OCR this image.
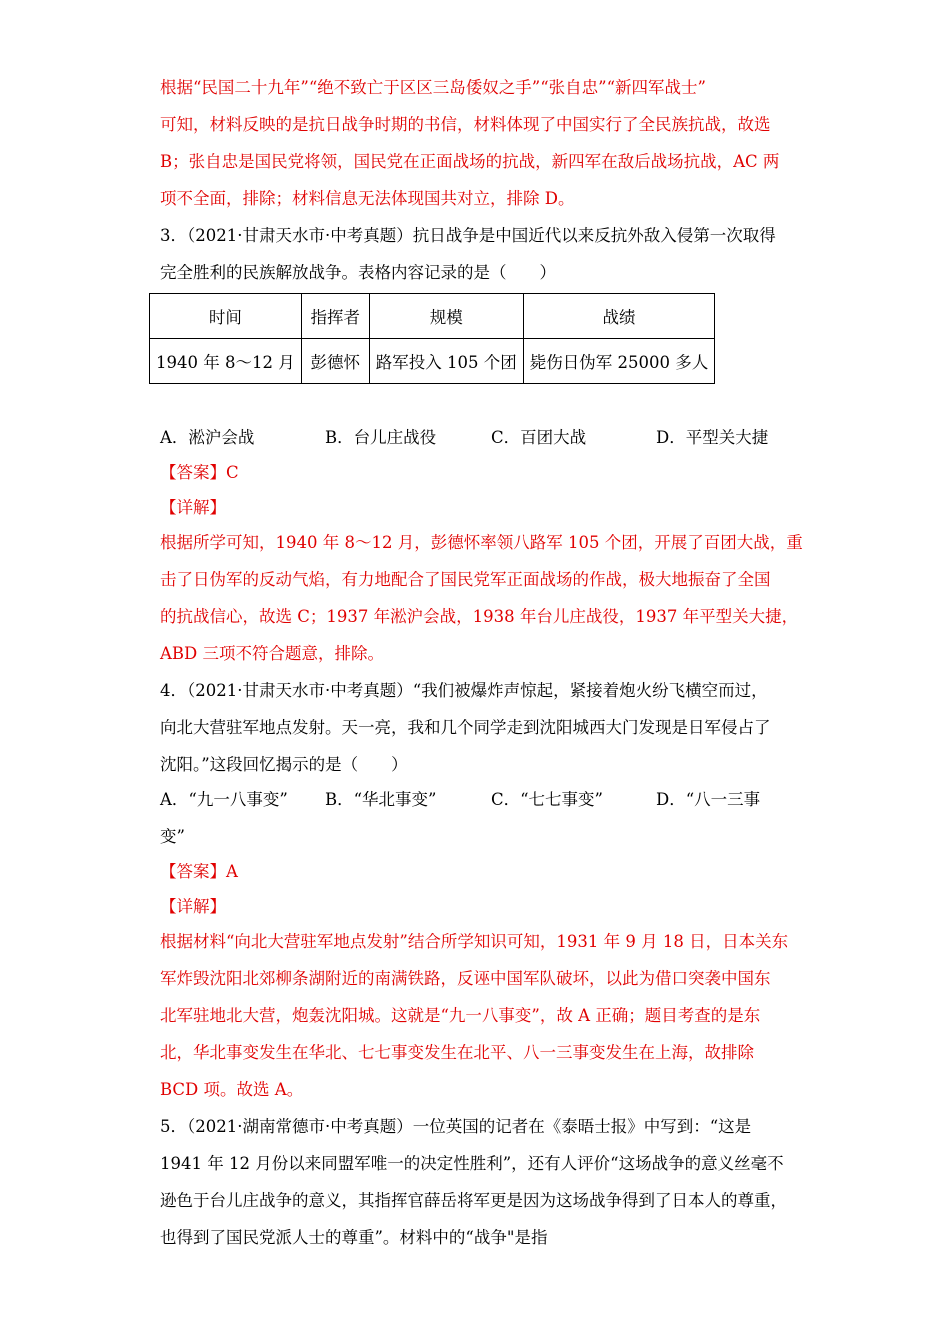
根据“民国二十九年”“绝不致亡于区区三岛倭奴之手”“张自忠”“新四军战士”
可知，材料反映的是抗日战争时期的书信，材料体现了中国实行了全民族抗战，故选
B；张自忠是国民党将领，国民党在正面战场的抗战，新四军在敌后战场抗战，AC 两
项不全面，排除；材料信息无法体现国共对立，排除 D。
3．（2021·甘肃天水市·中考真题）抗日战争是中国近代以来反抗外敌入侵第一次取得
完全胜利的民族解放战争。表格内容记录的是（　　）
时间	指挥者	规模	战绩
1940 年 8～12 月	彭德怀	路军投入 105 个团	毙伤日伪军 25000 多人
A．淞沪会战	B．台儿庄战役	C．百团大战	D．平型关大捷
【答案】C
【详解】
根据所学可知，1940 年 8～12 月，彭德怀率领八路军 105 个团，开展了百团大战，重
击了日伪军的反动气焰，有力地配合了国民党军正面战场的作战，极大地振奋了全国
的抗战信心，故选 C；1937 年淞沪会战，1938 年台儿庄战役，1937 年平型关大捷，
ABD 三项不符合题意，排除。
4．（2021·甘肃天水市·中考真题）“我们被爆炸声惊起，紧接着炮火纷飞横空而过，
向北大营驻军地点发射。天一亮，我和几个同学走到沈阳城西大门发现是日军侵占了
沈阳。”这段回忆揭示的是（　　）
A．“九一八事变” B．“华北事变”	C．“七七事变”	D．“八一三事
变”
【答案】A
【详解】
根据材料“向北大营驻军地点发射”结合所学知识可知，1931 年 9 月 18 日，日本关东
军炸毁沈阳北郊柳条湖附近的南满铁路，反诬中国军队破坏，以此为借口突袭中国东
北军驻地北大营，炮轰沈阳城。这就是“九一八事变”，故 A 正确；题目考查的是东
北，华北事变发生在华北、七七事变发生在北平、八一三事变发生在上海，故排除
BCD 项。故选 A。
5．（2021·湖南常德市·中考真题）一位英国的记者在《泰晤士报》中写到：“这是
1941 年 12 月份以来同盟军唯一的决定性胜利”，还有人评价“这场战争的意义丝毫不
逊色于台儿庄战争的意义，其指挥官薛岳将军更是因为这场战争得到了日本人的尊重，
也得到了国民党派人士的尊重”。材料中的“战争"是指
